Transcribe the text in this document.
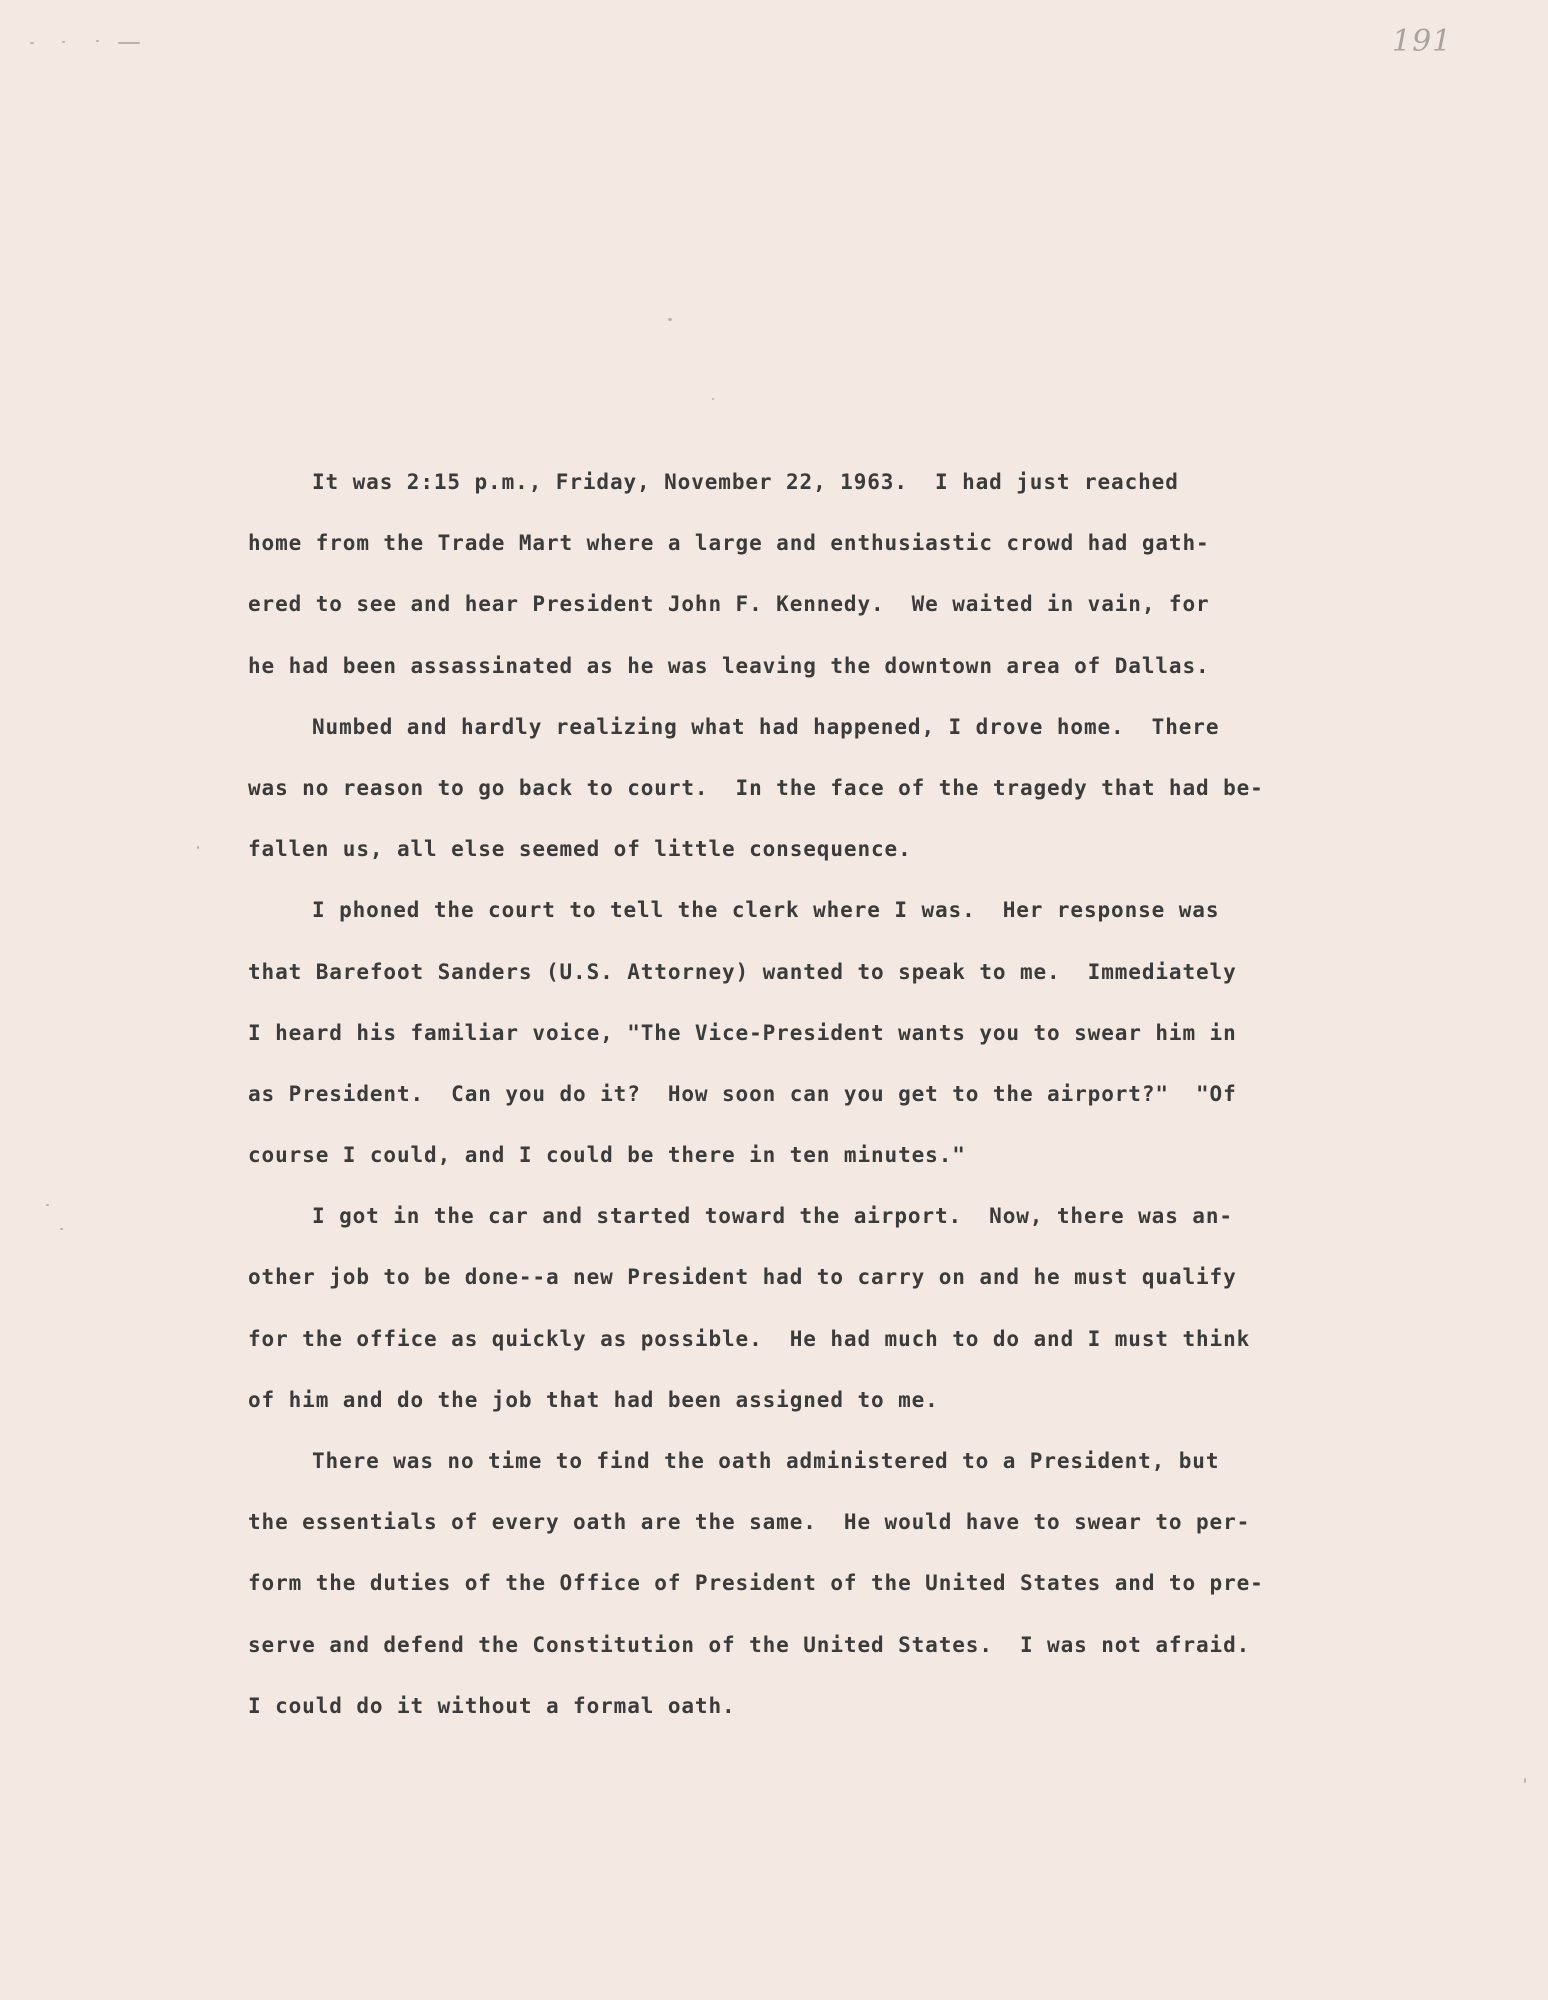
191
It was 2:15 p.m., Friday, November 22, 1963.  I had just reached
home from the Trade Mart where a large and enthusiastic crowd had gath-
ered to see and hear President John F. Kennedy.  We waited in vain, for
he had been assassinated as he was leaving the downtown area of Dallas.
Numbed and hardly realizing what had happened, I drove home.  There
was no reason to go back to court.  In the face of the tragedy that had be-
fallen us, all else seemed of little consequence.
I phoned the court to tell the clerk where I was.  Her response was
that Barefoot Sanders (U.S. Attorney) wanted to speak to me.  Immediately
I heard his familiar voice, "The Vice-President wants you to swear him in
as President.  Can you do it?  How soon can you get to the airport?"  "Of
course I could, and I could be there in ten minutes."
I got in the car and started toward the airport.  Now, there was an-
other job to be done--a new President had to carry on and he must qualify
for the office as quickly as possible.  He had much to do and I must think
of him and do the job that had been assigned to me.
There was no time to find the oath administered to a President, but
the essentials of every oath are the same.  He would have to swear to per-
form the duties of the Office of President of the United States and to pre-
serve and defend the Constitution of the United States.  I was not afraid.
I could do it without a formal oath.
